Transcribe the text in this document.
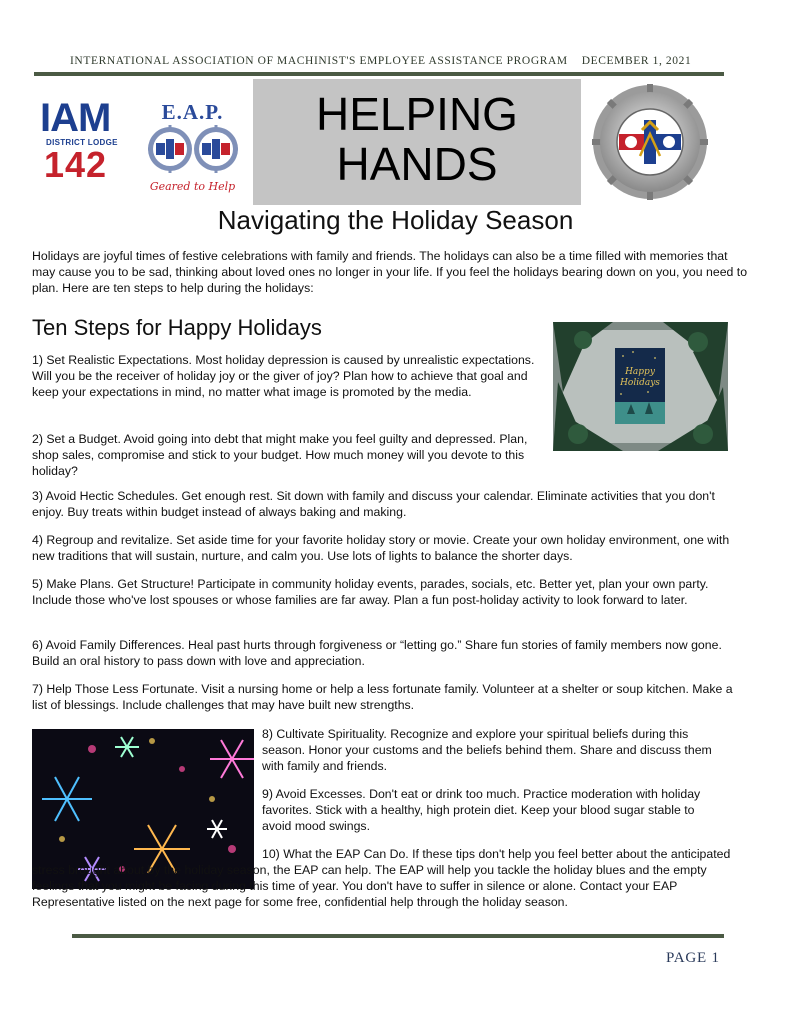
INTERNATIONAL ASSOCIATION OF MACHINIST'S EMPLOYEE ASSISTANCE PROGRAM DECEMBER 1, 2021
IAM
DISTRICT LODGE
142
E.A.P.
Geared to Help
HELPING
HANDS
Navigating the Holiday Season
Holidays are joyful times of festive celebrations with family and friends. The holidays can also be a time filled with memories that may cause you to be sad, thinking about loved ones no longer in your life. If you feel the holidays bearing down on you, you need to plan. Here are ten steps to help during the holidays:
Ten Steps for Happy Holidays
Happy
Holidays
1) Set Realistic Expectations. Most holiday depression is caused by unrealistic expectations. Will you be the receiver of holiday joy or the giver of joy? Plan how to achieve that goal and keep your expectations in mind, no matter what image is promoted by the media.
2) Set a Budget. Avoid going into debt that might make you feel guilty and depressed. Plan, shop sales, compromise and stick to your budget. How much money will you devote to this holiday?
3) Avoid Hectic Schedules. Get enough rest. Sit down with family and discuss your calendar. Eliminate activities that you don't enjoy. Buy treats within budget instead of always baking and making.
4) Regroup and revitalize. Set aside time for your favorite holiday story or movie. Create your own holiday environment, one with new traditions that will sustain, nurture, and calm you. Use lots of lights to balance the shorter days.
5) Make Plans. Get Structure! Participate in community holiday events, parades, socials, etc. Better yet, plan your own party. Include those who've lost spouses or whose families are far away. Plan a fun post-holiday activity to look forward to later.
6) Avoid Family Differences. Heal past hurts through forgiveness or “letting go.” Share fun stories of family members now gone. Build an oral history to pass down with love and appreciation.
7) Help Those Less Fortunate. Visit a nursing home or help a less fortunate family. Volunteer at a shelter or soup kitchen. Make a list of blessings. Include challenges that may have built new strengths.
8) Cultivate Spirituality. Recognize and explore your spiritual beliefs during this season. Honor your customs and the beliefs behind them. Share and discuss them with family and friends.
9) Avoid Excesses. Don't eat or drink too much. Practice moderation with holiday favorites. Stick with a healthy, high protein diet. Keep your blood sugar stable to avoid mood swings.
10) What the EAP Can Do. If these tips don't help you feel better about the anticipated stress brought about by the holiday season, the EAP can help. The EAP will help you tackle the holiday blues and the empty feelings that you might be facing during this time of year. You don't have to suffer in silence or alone. Contact your EAP Representative listed on the next page for some free, confidential help through the holiday season.
PAGE 1
